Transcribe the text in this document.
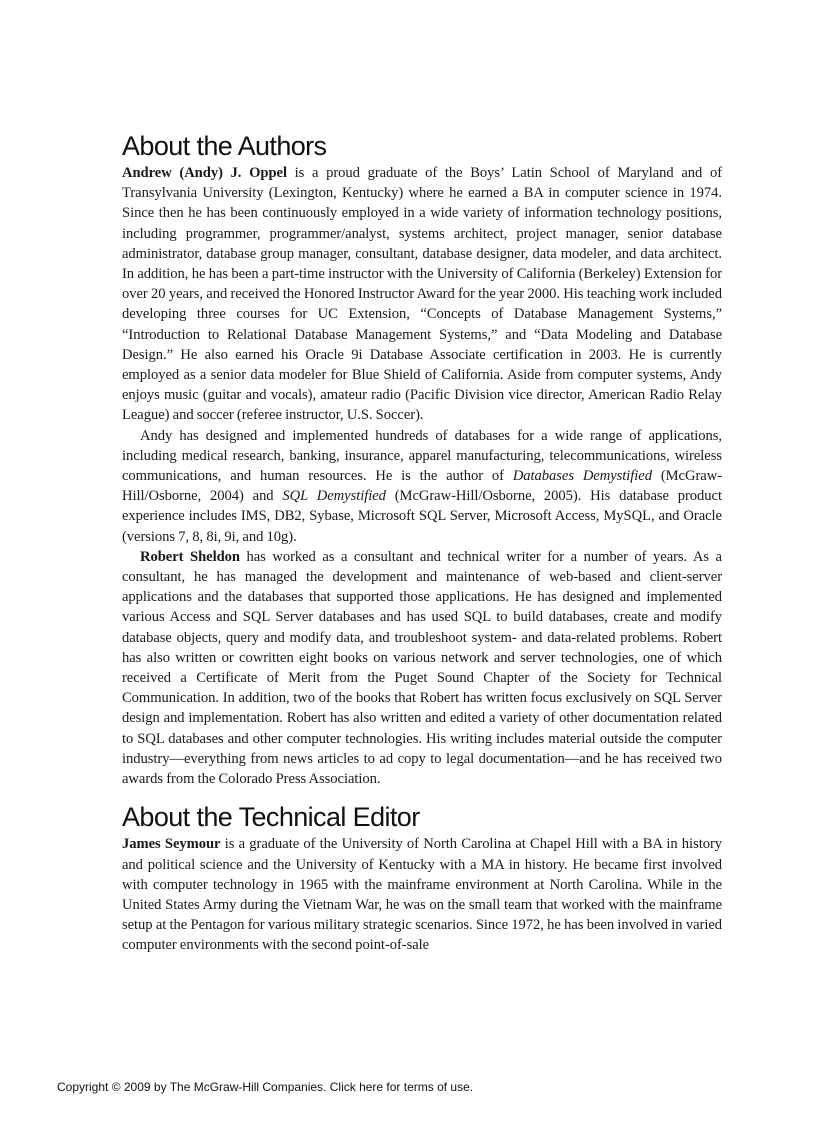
About the Authors

Andrew (Andy) J. Oppel is a proud graduate of the Boys’ Latin School of Maryland and of Transylvania University (Lexington, Kentucky) where he earned a BA in computer science in 1974. Since then he has been continuously employed in a wide variety of information technology positions, including programmer, programmer/analyst, systems architect, project manager, senior database administrator, database group manager, consultant, database designer, data modeler, and data architect. In addition, he has been a part-time instructor with the University of California (Berkeley) Extension for over 20 years, and received the Honored Instructor Award for the year 2000. His teaching work included developing three courses for UC Extension, “Concepts of Database Management Systems,” “Introduction to Relational Database Management Systems,” and “Data Modeling and Database Design.” He also earned his Oracle 9i Database Associate certification in 2003. He is currently employed as a senior data modeler for Blue Shield of California. Aside from computer systems, Andy enjoys music (guitar and vocals), amateur radio (Pacific Division vice director, American Radio Relay League) and soccer (referee instructor, U.S. Soccer).

Andy has designed and implemented hundreds of databases for a wide range of applications, including medical research, banking, insurance, apparel manufacturing, telecommunications, wireless communications, and human resources. He is the author of Databases Demystified (McGraw-Hill/Osborne, 2004) and SQL Demystified (McGraw-Hill/Osborne, 2005). His database product experience includes IMS, DB2, Sybase, Microsoft SQL Server, Microsoft Access, MySQL, and Oracle (versions 7, 8, 8i, 9i, and 10g).

Robert Sheldon has worked as a consultant and technical writer for a number of years. As a consultant, he has managed the development and maintenance of web-based and client-server applications and the databases that supported those applications. He has designed and implemented various Access and SQL Server databases and has used SQL to build databases, create and modify database objects, query and modify data, and troubleshoot system- and data-related problems. Robert has also written or cowritten eight books on various network and server technologies, one of which received a Certificate of Merit from the Puget Sound Chapter of the Society for Technical Communication. In addition, two of the books that Robert has written focus exclusively on SQL Server design and implementation. Robert has also written and edited a variety of other documentation related to SQL databases and other computer technologies. His writing includes material outside the computer industry—everything from news articles to ad copy to legal documentation—and he has received two awards from the Colorado Press Association.

About the Technical Editor

James Seymour is a graduate of the University of North Carolina at Chapel Hill with a BA in history and political science and the University of Kentucky with a MA in history. He became first involved with computer technology in 1965 with the mainframe environment at North Carolina. While in the United States Army during the Vietnam War, he was on the small team that worked with the mainframe setup at the Pentagon for various military strategic scenarios. Since 1972, he has been involved in varied computer environments with the second point-of-sale

Copyright © 2009 by The McGraw-Hill Companies. Click here for terms of use.
